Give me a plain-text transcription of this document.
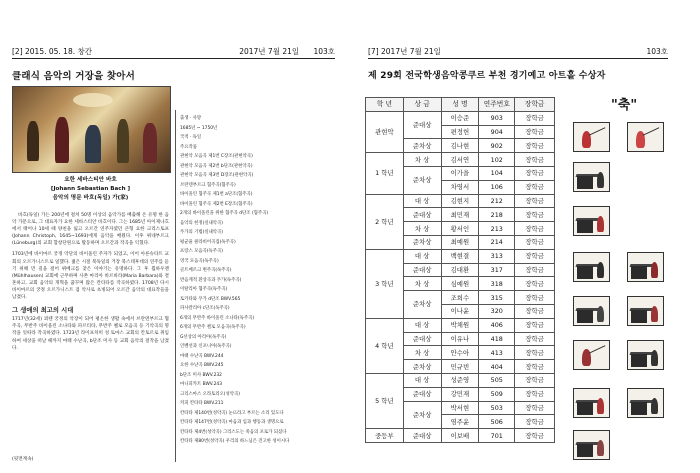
[2] 2015. 05. 18. 창간	2017년 7월 21일 103호
클래식 음악의 거장을 찾아서
요한 세바스티안 바흐
[Johann Sebastian Bach ]
음악의 명문 바흐(독일) 가(家)

바흐(독일) 가는 200년에 걸쳐 50명 이상의 음악가를 배출해 온 유명 한 음악 가문으로, 그 대표자가 요한 세바스티안 바흐이다. 그는 1685년 아이제나흐에서 태어나 10세 때 양친을 잃고 오르간 연주자였던 큰형 요한 크리스토프(Johann Christoph, 1645~1693)에게 음악을 배웠다. 이후 뤼네부르크(Lüneburg)의 교회 합창단원으로 활동하며 오르간과 작곡을 익혔다.

1703년에 바이마르 궁정 악단의 바이올린 주자가 되었고, 이어 아른슈타트 교회의 오르가니스트로 일했다. 젊은 시절 북독일의 거장 북스테후데의 연주를 듣기 위해 먼 길을 걸어 뤼베크를 찾은 이야기는 유명하다. 그 후 뮐하우젠(Mühlhausen) 교회에 근무하며 사촌 마리아 바르바라(Maria Barbara)와 결혼하고, 교회 음악의 개혁을 꿈꾸며 많은 칸타타를 작곡하였다. 1708년 다시 바이마르의 궁정 오르가니스트 겸 악사로 초빙되어 오르간 음악의 대표작들을 남겼다.

그 생애의 최고의 시대

1717년(32세) 쾨텐 궁정의 악장이 되어 평온한 생활 속에서 브란덴부르크 협주곡, 무반주 바이올린 소나타와 파르티타, 무반주 첼로 모음곡 등 기악곡의 명작을 잇따라 작곡하였다. 1723년 라이프치히 성 토마스 교회의 칸토르로 취임하여 세상을 떠날 때까지 마태 수난곡, b단조 미사 등 교회 음악의 걸작을 남겼다.

(뒷면계속)
출생 · 사망
1685년 ~ 1750년
국적 · 독일
주요작품
관현악 모음곡 제1번 C장조(관현악곡)
관현악 모음곡 제2번 b단조(관현악곡)
관현악 모음곡 제3번 D장조(관현악곡)
브란덴부르크 협주곡(협주곡)
바이올린 협주곡 제1번 a단조(협주곡)
바이올린 협주곡 제2번 E장조(협주곡)
2개의 바이올린을 위한 협주곡 d단조 (협주곡)
음악의 헌정(실내악곡)
푸가의 기법(실내악곡)
평균율 클라비어곡집(독주곡)
프랑스 모음곡(독주곡)
영국 모음곡(독주곡)
골트베르크 변주곡(독주곡)
반음계적 환상곡과 푸가(독주곡)
이탈리아 협주곡(독주곡)
토카타와 푸가 d단조 BWV.565
파사칼리아 c단조(독주곡)
6개의 무반주 바이올린 소나타(독주곡)
6개의 무반주 첼로 모음곡(독주곡)
G선상의 아리아(독주곡)
인벤션과 신포니아(독주곡)
마태 수난곡 BWV.244
요한 수난곡 BWV.245
b단조 미사 BWV.232
마니피카트 BWV.243
크리스마스 오라토리오(성악곡)
커피 칸타타 BWV.211
칸타타 제140번(성악곡) 눈뜨라고 부르는 소리 있도다
칸타타 제147번(성악곡) 마음과 입과 행동과 생명으로
칸타타 제4번(성악곡) 그리스도는 죽음의 포로가 되셨다
칸타타 제80번(성악곡) 우리의 하느님은 견고한 성이시다
[7] 2017년 7월 21일	103호
제 29회 전국학생음악콩쿠르 부천 경기예고 아트홀 수상자
학 년	상 금	성 명	연주번호	장학금
관현악	준대상	이승준	903	장학금
		편정헌	904	장학금
	준차상	김나현	902	장학금
1 학년	차 상	김서연	102	장학금
	준차상	이가을	104	장학금
		차영서	106	장학금
2 학년	대 상	김현지	212	장학금
	준대상	최민재	218	장학금
	차 상	황서인	213	장학금
	준차상	최예원	214	장학금
3 학년	대 상	백현결	313	장학금
	준대상	김대환	317	장학금
	차 상	심예원	318	장학금
	준차상	조희수	315	장학금
		이나윤	320	장학금
4 학년	대 상	박채원	406	장학금
	준대상	이유나	418	장학금
	차 상	안수아	413	장학금
	준차상	민규빈	404	장학금
5 학년	대 상	성준영	505	장학금
	준대상	강민재	509	장학금
	준차상	박서현	503	장학금
		염주윤	506	장학금
중등부	준대상	이보배	701	장학금
"축"
